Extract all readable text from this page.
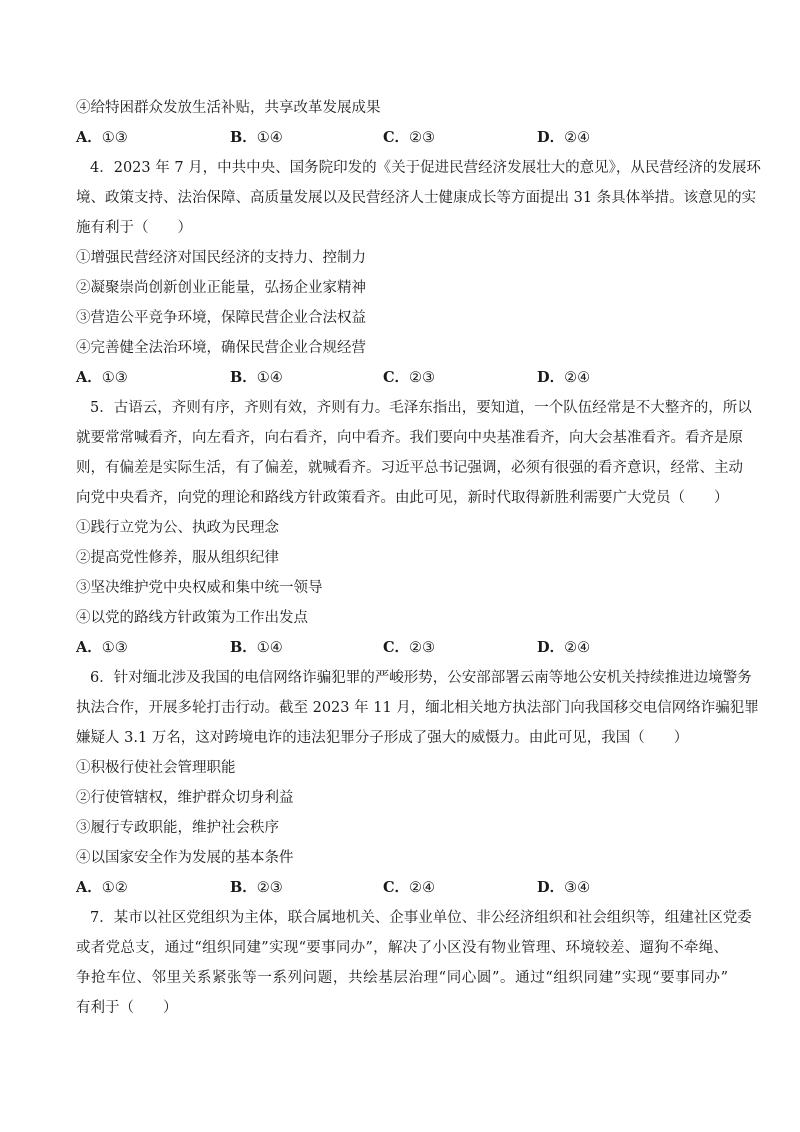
④给特困群众发放生活补贴，共享改革发展成果
A．①③	B．①④	C．②③	D．②④
4．2023 年 7 月，中共中央、国务院印发的《关于促进民营经济发展壮大的意见》，从民营经济的发展环
境、政策支持、法治保障、高质量发展以及民营经济人士健康成长等方面提出 31 条具体举措。该意见的实
施有利于（　　）
①增强民营经济对国民经济的支持力、控制力
②凝聚崇尚创新创业正能量，弘扬企业家精神
③营造公平竞争环境，保障民营企业合法权益
④完善健全法治环境，确保民营企业合规经营
A．①③	B．①④	C．②③	D．②④
5．古语云，齐则有序，齐则有效，齐则有力。毛泽东指出，要知道，一个队伍经常是不大整齐的，所以
就要常常喊看齐，向左看齐，向右看齐，向中看齐。我们要向中央基准看齐，向大会基准看齐。看齐是原
则，有偏差是实际生活，有了偏差，就喊看齐。习近平总书记强调，必须有很强的看齐意识，经常、主动
向党中央看齐，向党的理论和路线方针政策看齐。由此可见，新时代取得新胜利需要广大党员（　　）
①践行立党为公、执政为民理念
②提高党性修养，服从组织纪律
③坚决维护党中央权威和集中统一领导
④以党的路线方针政策为工作出发点
A．①③	B．①④	C．②③	D．②④
6．针对缅北涉及我国的电信网络诈骗犯罪的严峻形势，公安部部署云南等地公安机关持续推进边境警务
执法合作，开展多轮打击行动。截至 2023 年 11 月，缅北相关地方执法部门向我国移交电信网络诈骗犯罪
嫌疑人 3.1 万名，这对跨境电诈的违法犯罪分子形成了强大的威慑力。由此可见，我国（　　）
①积极行使社会管理职能
②行使管辖权，维护群众切身利益
③履行专政职能，维护社会秩序
④以国家安全作为发展的基本条件
A．①②	B．②③	C．②④	D．③④
7．某市以社区党组织为主体，联合属地机关、企事业单位、非公经济组织和社会组织等，组建社区党委
或者党总支，通过“组织同建”实现“要事同办”，解决了小区没有物业管理、环境较差、遛狗不牵绳、
争抢车位、邻里关系紧张等一系列问题，共绘基层治理“同心圆”。通过“组织同建”实现“要事同办”
有利于（　　）
